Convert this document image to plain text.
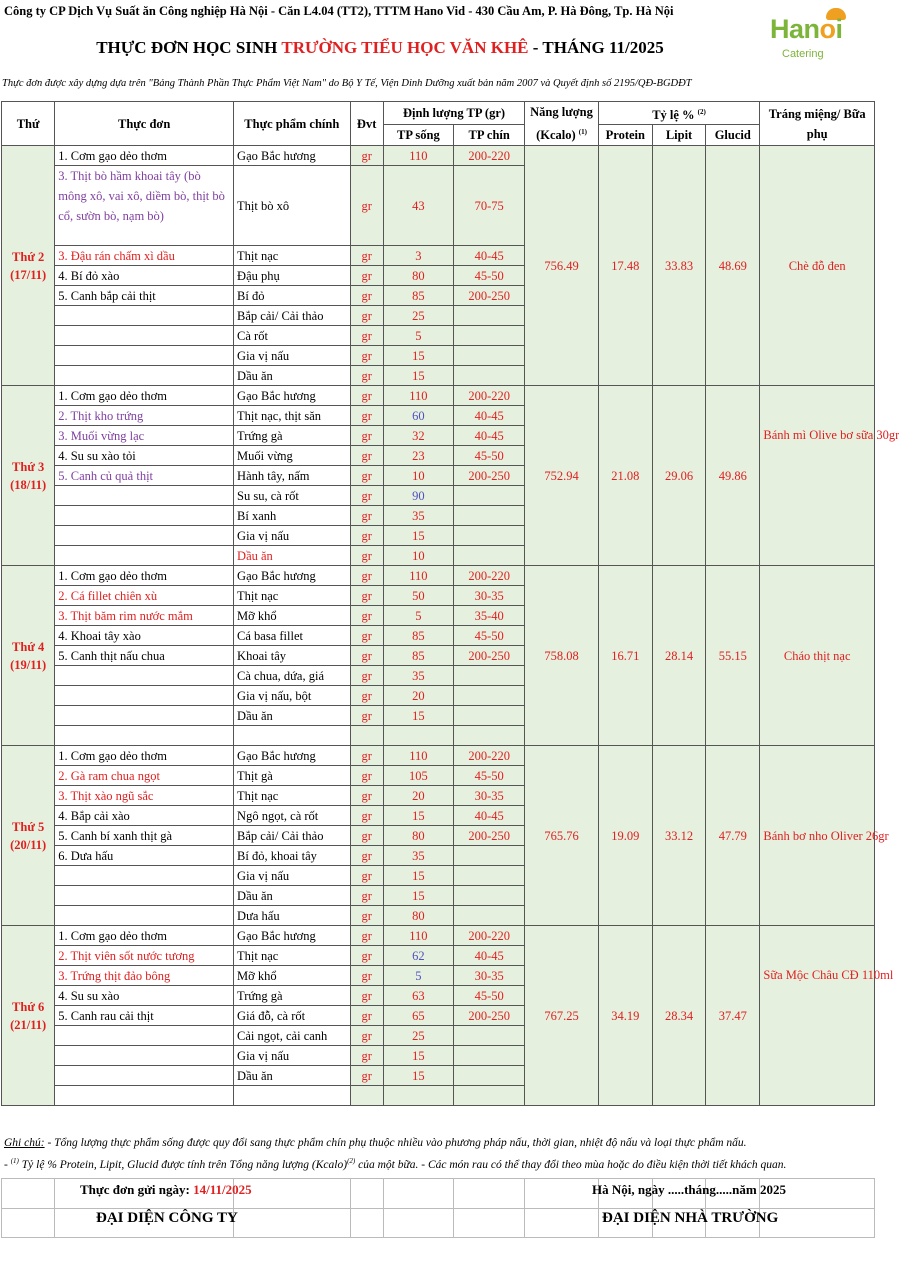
Công ty CP Dịch Vụ Suất ăn Công nghiệp Hà Nội - Căn L4.04 (TT2), TTTM Hano Vid - 430 Cầu Am, P. Hà Đông, Tp. Hà Nội
THỰC ĐƠN HỌC SINH TRƯỜNG TIỂU HỌC VĂN KHÊ - THÁNG 11/2025
Hanoi
Catering
Thực đơn được xây dựng dựa trên "Bảng Thành Phần Thực Phẩm Việt Nam" do Bộ Y Tế, Viện Dinh Dưỡng xuất bản năm 2007 và Quyết định số 2195/QĐ-BGDĐT
Thứ	Thực đơn	Thực phẩm chính	Đvt	Định lượng TP (gr)		Năng lượng (Kcalo) $^{(1)}$	Tỷ lệ % $^{(2)}$			Tráng miệng/ Bữa phụ
				TP sống	TP chín		Protein	Lipit	Glucid	

Thứ 2
(17/11)	1. Cơm gạo dẻo thơm	Gạo Bắc hương	gr	110	200-220	756.49	17.48	33.83	48.69	Chè đỗ đen
	3. Thịt bò hầm khoai tây (bò mông xô, vai xô, diềm bò, thịt bò cổ, sườn bò, nạm bò)	Thịt bò xô	gr	43	70-75					
	3. Đậu rán chấm xì dầu	Thịt nạc	gr	3	40-45					
	4. Bí đỏ xào	Đậu phụ	gr	80	45-50					
	5. Canh bắp cải thịt	Bí đỏ	gr	85	200-250					
		Bắp cải/ Cải thảo	gr	25						
		Cà rốt	gr	5						
		Gia vị nấu	gr	15						
		Dầu ăn	gr	15						

Thứ 3
(18/11)	1. Cơm gạo dẻo thơm	Gạo Bắc hương	gr	110	200-220	752.94	21.08	29.06	49.86	Bánh mì Olive bơ sữa 30gr
	2. Thịt kho trứng	Thịt nạc, thịt săn	gr	60	40-45					
	3. Muối vừng lạc	Trứng gà	gr	32	40-45					
	4. Su su xào tỏi	Muối vừng	gr	23	45-50					
	5. Canh củ quả thịt	Hành tây, nấm	gr	10	200-250					
		Su su, cà rốt	gr	90						
		Bí xanh	gr	35						
		Gia vị nấu	gr	15						
		Dầu ăn	gr	10						

Thứ 4
(19/11)	1. Cơm gạo dẻo thơm	Gạo Bắc hương	gr	110	200-220	758.08	16.71	28.14	55.15	Cháo thịt nạc
	2. Cá fillet chiên xù	Thịt nạc	gr	50	30-35					
	3. Thịt băm rim nước mắm	Mỡ khổ	gr	5	35-40					
	4. Khoai tây xào	Cá basa fillet	gr	85	45-50					
	5. Canh thịt nấu chua	Khoai tây	gr	85	200-250					
		Cà chua, dứa, giá	gr	35						
		Gia vị nấu, bột	gr	20						
		Dầu ăn	gr	15						

Thứ 5
(20/11)	1. Cơm gạo dẻo thơm	Gạo Bắc hương	gr	110	200-220	765.76	19.09	33.12	47.79	Bánh bơ nho Oliver 26gr
	2. Gà ram chua ngọt	Thịt gà	gr	105	45-50					
	3. Thịt xào ngũ sắc	Thịt nạc	gr	20	30-35					
	4. Bắp cải xào	Ngô ngọt, cà rốt	gr	15	40-45					
	5. Canh bí xanh thịt gà	Bắp cải/ Cải thảo	gr	80	200-250					
	6. Dưa hấu	Bí đỏ, khoai tây	gr	35						
		Gia vị nấu	gr	15						
		Dầu ăn	gr	15						
		Dưa hấu	gr	80						

Thứ 6
(21/11)	1. Cơm gạo dẻo thơm	Gạo Bắc hương	gr	110	200-220	767.25	34.19	28.34	37.47	Sữa Mộc Châu CĐ 110ml
	2. Thịt viên sốt nước tương	Thịt nạc	gr	62	40-45					
	3. Trứng thịt đảo bông	Mỡ khổ	gr	5	30-35					
	4. Su su xào	Trứng gà	gr	63	45-50					
	5. Canh rau cải thịt	Giá đỗ, cà rốt	gr	65	200-250					
		Cải ngọt, cải canh	gr	25						
		Gia vị nấu	gr	15						
		Dầu ăn	gr	15						

Ghi chú: - Tổng lượng thực phẩm sống được quy đổi sang thực phẩm chín phụ thuộc nhiều vào phương pháp nấu, thời gian, nhiệt độ nấu và loại thực phẩm nấu.
- $^{(1)}$ Tỷ lệ % Protein, Lipit, Glucid được tính trên Tổng năng lượng (Kcalo)$^{(2)}$ của một bữa. - Các món rau có thể thay đổi theo mùa hoặc do điều kiện thời tiết khách quan.

Thực đơn gửi ngày: 14/11/2025	Hà Nội, ngày .....tháng.....năm 2025
ĐẠI DIỆN CÔNG TY	ĐẠI DIỆN NHÀ TRƯỜNG
